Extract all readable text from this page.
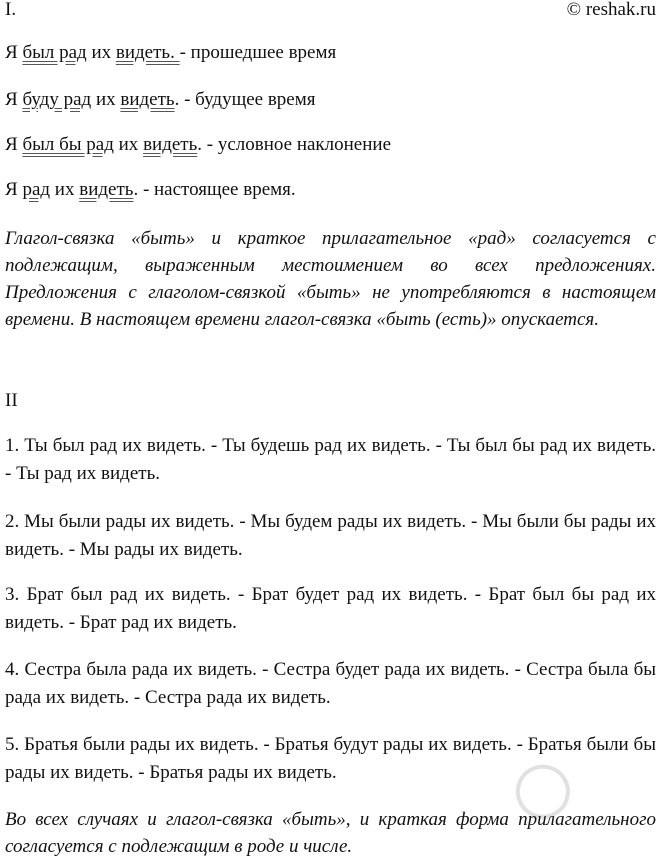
I.	© reshak.ru
Я был рад их видеть. - прошедшее время
Я буду рад их видеть. - будущее время
Я был бы рад их видеть. - условное наклонение
Я рад их видеть. - настоящее время.
Глагол-связка «быть» и краткое прилагательное «рад» согласуется с подлежащим, выраженным местоимением во всех предложениях. Предложения с глаголом-связкой «быть» не употребляются в настоящем времени. В настоящем времени глагол-связка «быть (есть)» опускается.
II
1. Ты был рад их видеть. - Ты будешь рад их видеть. - Ты был бы рад их видеть. - Ты рад их видеть.
2. Мы были рады их видеть. - Мы будем рады их видеть. - Мы были бы рады их видеть. - Мы рады их видеть.
3. Брат был рад их видеть. - Брат будет рад их видеть. - Брат был бы рад их видеть. - Брат рад их видеть.
4. Сестра была рада их видеть. - Сестра будет рада их видеть. - Сестра была бы рада их видеть. - Сестра рада их видеть.
5. Братья были рады их видеть. - Братья будут рады их видеть. - Братья были бы рады их видеть. - Братья рады их видеть.
Во всех случаях и глагол-связка «быть», и краткая форма прилагательного согласуется с подлежащим в роде и числе.
